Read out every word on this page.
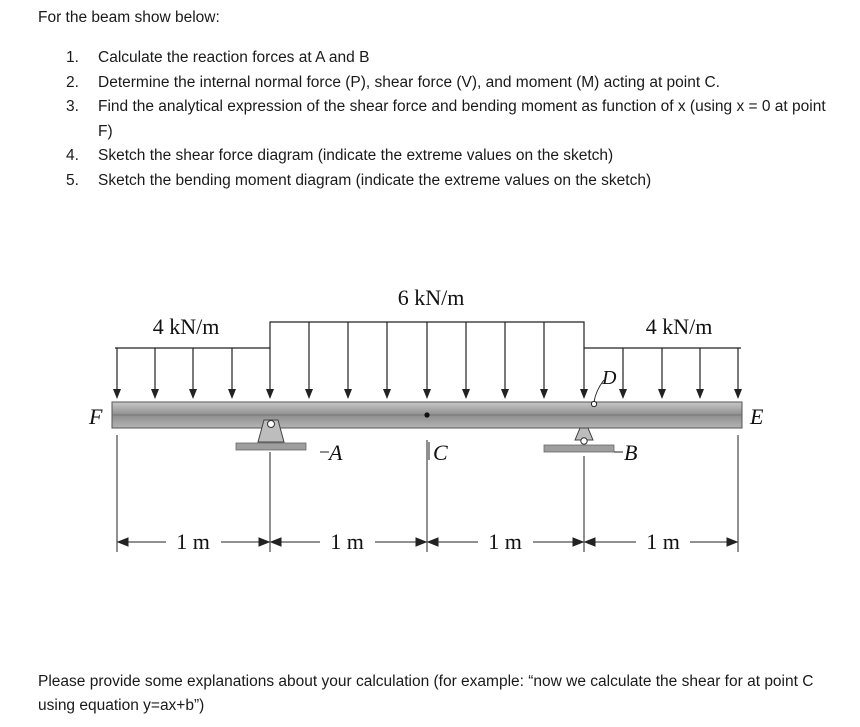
For the beam show below:
1.	Calculate the reaction forces at A and B
2.	Determine the internal normal force (P), shear force (V), and moment (M) acting at point C.
3.	Find the analytical expression of the shear force and bending moment as function of x (using x = 0 at point F)
4.	Sketch the shear force diagram (indicate the extreme values on the sketch)
5.	Sketch the bending moment diagram (indicate the extreme values on the sketch)
4 kN/m
6 kN/m
4 kN/m
F	E
A	C	B
D
1 m	1 m	1 m	1 m
Please provide some explanations about your calculation (for example: “now we calculate the shear for at point C using equation y=ax+b”)
